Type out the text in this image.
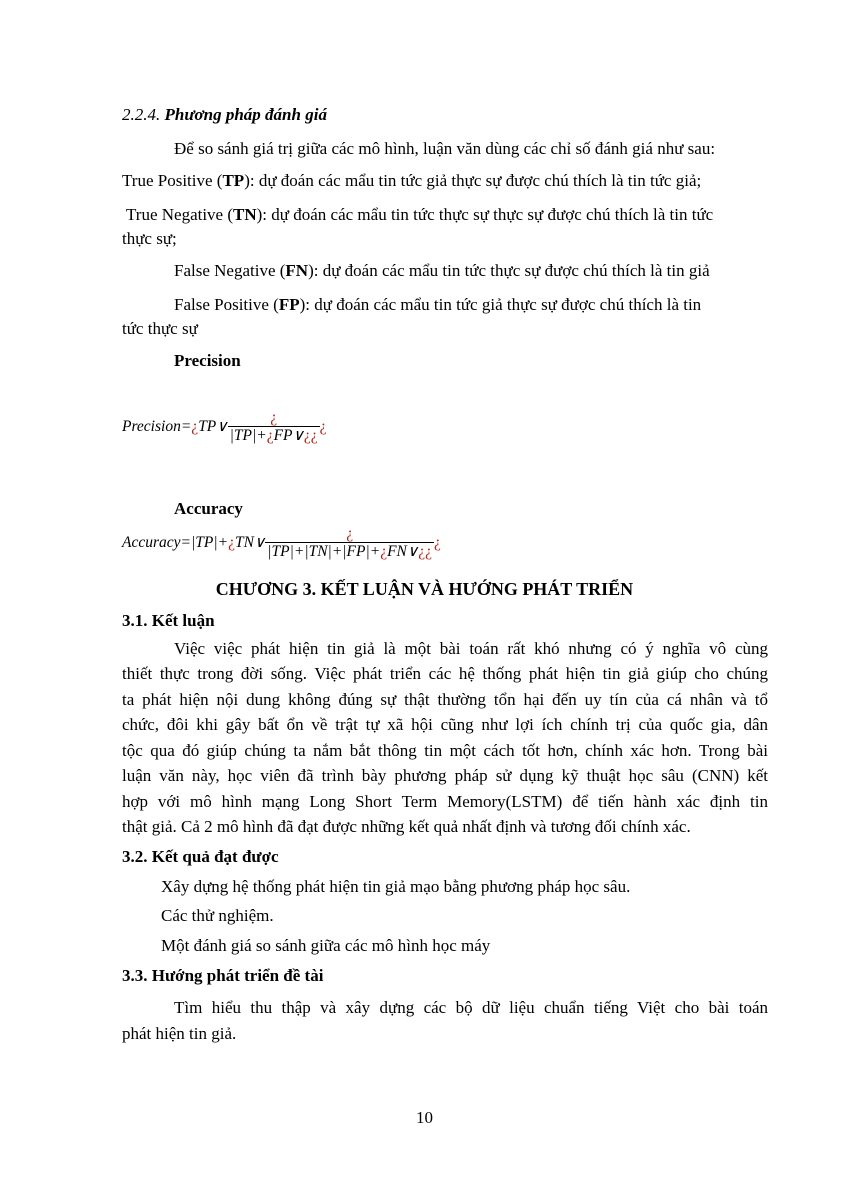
2.2.4. Phương pháp đánh giá
Để so sánh giá trị giữa các mô hình, luận văn dùng các chỉ số đánh giá như sau:
True Positive (TP): dự đoán các mẩu tin tức giả thực sự được chú thích là tin tức giả;
True Negative (TN): dự đoán các mẩu tin tức thực sự thực sự được chú thích là tin tức
thực sự;
False Negative (FN): dự đoán các mẩu tin tức thực sự được chú thích là tin giả
False Positive (FP): dự đoán các mẩu tin tức giả thực sự được chú thích là tin
tức thực sự
Precision
Precision=¿TP∨ $\frac{¿}{|TP|+¿FP\vee¿¿}$ ¿
Accuracy
Accuracy=|TP|+¿TN∨ $\frac{¿}{|TP|+|TN|+|FP|+¿FN\vee¿¿}$ ¿
CHƯƠNG 3. KẾT LUẬN VÀ HƯỚNG PHÁT TRIỂN
3.1. Kết luận
Việc việc phát hiện tin giả là một bài toán rất khó nhưng có ý nghĩa vô cùng
thiết thực trong đời sống. Việc phát triển các hệ thống phát hiện tin giả giúp cho chúng
ta phát hiện nội dung không đúng sự thật thường tổn hại đến uy tín của cá nhân và tổ
chức, đôi khi gây bất ổn về trật tự xã hội cũng như lợi ích chính trị của quốc gia, dân
tộc qua đó giúp chúng ta nắm bắt thông tin một cách tốt hơn, chính xác hơn. Trong bài
luận văn này, học viên đã trình bày phương pháp sử dụng kỹ thuật học sâu (CNN) kết
hợp với mô hình mạng Long Short Term Memory(LSTM) để tiến hành xác định tin
thật giả. Cả 2 mô hình đã đạt được những kết quả nhất định và tương đối chính xác.
3.2. Kết quả đạt được
Xây dựng hệ thống phát hiện tin giả mạo bằng phương pháp học sâu.
Các thử nghiệm.
Một đánh giá so sánh giữa các mô hình học máy
3.3. Hướng phát triển đề tài
Tìm hiểu thu thập và xây dựng các bộ dữ liệu chuẩn tiếng Việt cho bài toán
phát hiện tin giả.
10
